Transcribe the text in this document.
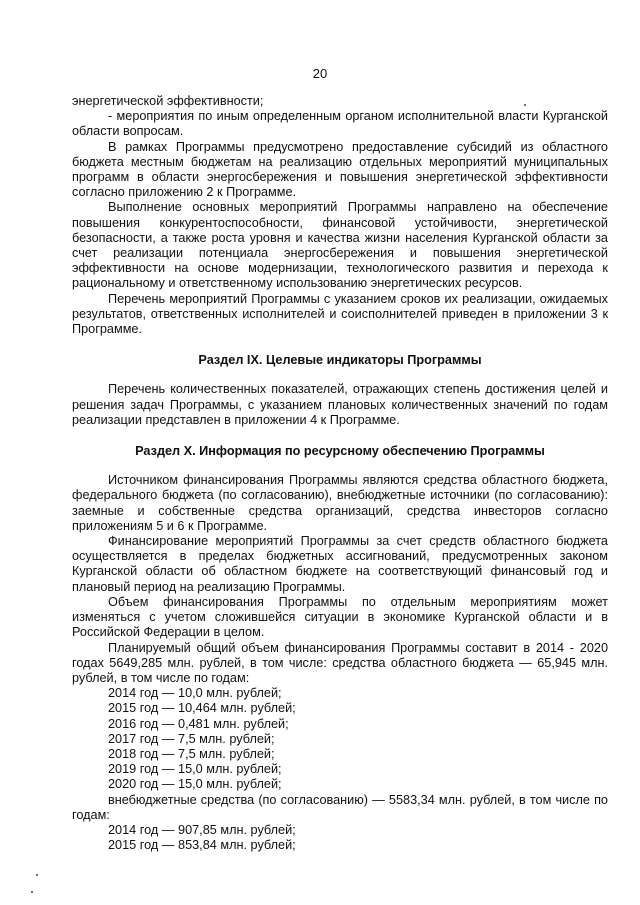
20

энергетической эффективности;

- мероприятия по иным определенным органом исполнительной власти Курганской области вопросам.

В рамках Программы предусмотрено предоставление субсидий из областного бюджета местным бюджетам на реализацию отдельных мероприятий муниципальных программ в области энергосбережения и повышения энергетической эффективности согласно приложению 2 к Программе.

Выполнение основных мероприятий Программы направлено на обеспечение повышения конкурентоспособности, финансовой устойчивости, энергетической безопасности, а также роста уровня и качества жизни населения Курганской области за счет реализации потенциала энергосбережения и повышения энергетической эффективности на основе модернизации, технологического развития и перехода к рациональному и ответственному использованию энергетических ресурсов.

Перечень мероприятий Программы с указанием сроков их реализации, ожидаемых результатов, ответственных исполнителей и соисполнителей приведен в приложении 3 к Программе.

Раздел IX. Целевые индикаторы Программы

Перечень количественных показателей, отражающих степень достижения целей и решения задач Программы, с указанием плановых количественных значений по годам реализации представлен в приложении 4 к Программе.

Раздел X. Информация по ресурсному обеспечению Программы

Источником финансирования Программы являются средства областного бюджета, федерального бюджета (по согласованию), внебюджетные источники (по согласованию): заемные и собственные средства организаций, средства инвесторов согласно приложениям 5 и 6 к Программе.

Финансирование мероприятий Программы за счет средств областного бюджета осуществляется в пределах бюджетных ассигнований, предусмотренных законом Курганской области об областном бюджете на соответствующий финансовый год и плановый период на реализацию Программы.

Объем финансирования Программы по отдельным мероприятиям может изменяться с учетом сложившейся ситуации в экономике Курганской области и в Российской Федерации в целом.

Планируемый общий объем финансирования Программы составит в 2014 - 2020 годах 5649,285 млн. рублей, в том числе: средства областного бюджета — 65,945 млн. рублей, в том числе по годам:

2014 год — 10,0 млн. рублей;
2015 год — 10,464 млн. рублей;
2016 год — 0,481 млн. рублей;
2017 год — 7,5 млн. рублей;
2018 год — 7,5 млн. рублей;
2019 год — 15,0 млн. рублей;
2020 год — 15,0 млн. рублей;

внебюджетные средства (по согласованию) — 5583,34 млн. рублей, в том числе по годам:

2014 год — 907,85 млн. рублей;
2015 год — 853,84 млн. рублей;
